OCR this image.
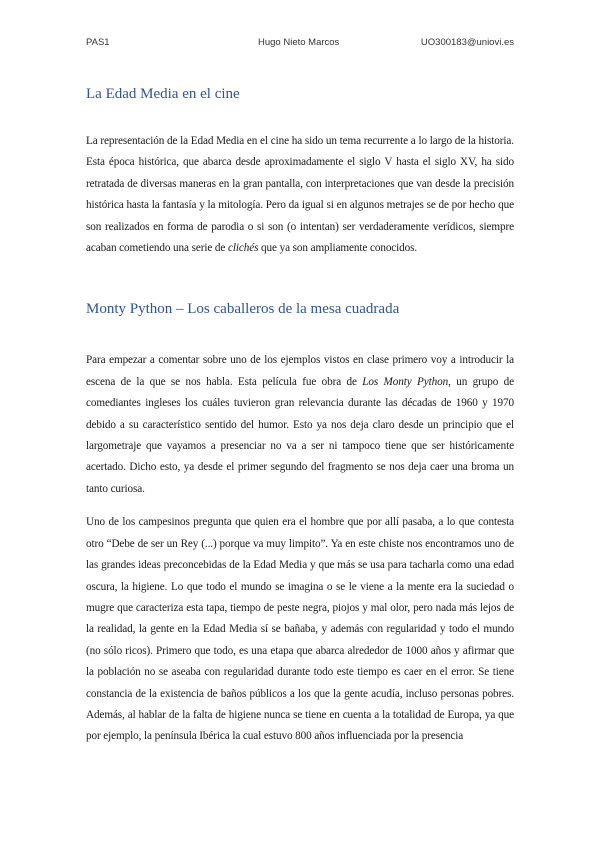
PAS1	Hugo Nieto Marcos	UO300183@uniovi.es
La Edad Media en el cine

La representación de la Edad Media en el cine ha sido un tema recurrente a lo largo de la historia. Esta época histórica, que abarca desde aproximadamente el siglo V hasta el siglo XV, ha sido retratada de diversas maneras en la gran pantalla, con interpretaciones que van desde la precisión histórica hasta la fantasía y la mitología. Pero da igual si en algunos metrajes se de por hecho que son realizados en forma de parodia o si son (o intentan) ser verdaderamente verídicos, siempre acaban cometiendo una serie de clichés que ya son ampliamente conocidos.

Monty Python – Los caballeros de la mesa cuadrada

Para empezar a comentar sobre uno de los ejemplos vistos en clase primero voy a introducir la escena de la que se nos habla. Esta película fue obra de Los Monty Python, un grupo de comediantes ingleses los cuáles tuvieron gran relevancia durante las décadas de 1960 y 1970 debido a su característico sentido del humor. Esto ya nos deja claro desde un principio que el largometraje que vayamos a presenciar no va a ser ni tampoco tiene que ser históricamente acertado. Dicho esto, ya desde el primer segundo del fragmento se nos deja caer una broma un tanto curiosa.

Uno de los campesinos pregunta que quien era el hombre que por allí pasaba, a lo que contesta otro “Debe de ser un Rey (...) porque va muy limpito”. Ya en este chiste nos encontramos uno de las grandes ideas preconcebidas de la Edad Media y que más se usa para tacharla como una edad oscura, la higiene. Lo que todo el mundo se imagina o se le viene a la mente era la suciedad o mugre que caracteriza esta tapa, tiempo de peste negra, piojos y mal olor, pero nada más lejos de la realidad, la gente en la Edad Media sí se bañaba, y además con regularidad y todo el mundo (no sólo ricos). Primero que todo, es una etapa que abarca alrededor de 1000 años y afirmar que la población no se aseaba con regularidad durante todo este tiempo es caer en el error. Se tiene constancia de la existencia de baños públicos a los que la gente acudía, incluso personas pobres. Además, al hablar de la falta de higiene nunca se tiene en cuenta a la totalidad de Europa, ya que por ejemplo, la península Ibérica la cual estuvo 800 años influenciada por la presencia
